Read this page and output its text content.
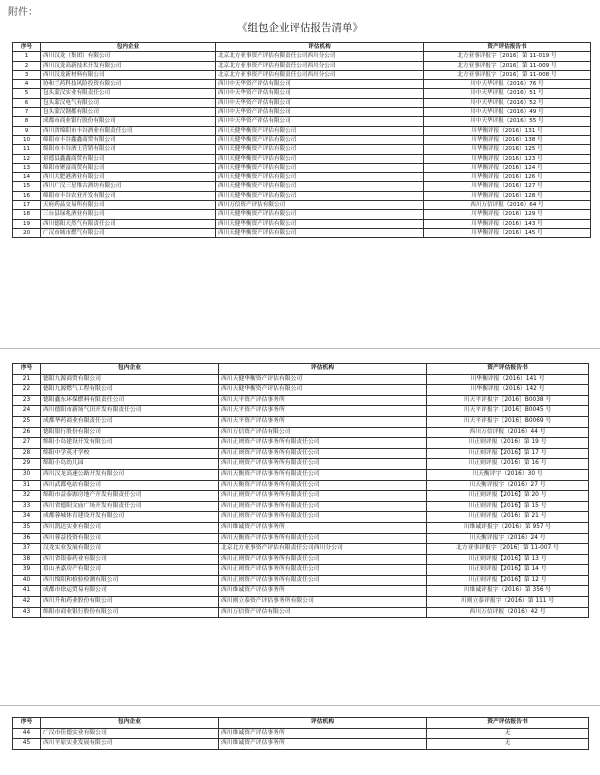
附件：
《组包企业评估报告清单》
序号	包内企业	评估机构	资产评估报告书
1	西川汉龙（集团）有限公司	北京北方亚事资产评估有限责任公司西川分公司	北方亚事评报字［2016］第 11-019 号
2	西川汉龙高新技术开发有限公司	北京北方亚事资产评估有限责任公司西川分公司	北方亚事评报字［2016］第 11-009 号
3	西川汉龙新材料有限公司	北京北方亚事资产评估有限责任公司西川分公司	北方亚事评报字［2016］第 11-008 号
4	协和兰药科技风险投资有限公司	西川中天华资产评估有限公司	川中天华评报（2016）76 号
5	包头蒙汉实业有限责任公司	西川中天华资产评估有限公司	川中天华评报（2016）51 号
6	包头蒙汉电气有限公司	西川中天华资产评估有限公司	川中天华评报（2016）52 号
7	包头蒙汉钢都有限公司	西川中天华资产评估有限公司	川中天华评报（2016）49 号
8	成都市商业银行股份有限公司	西川中天华资产评估有限公司	川中天华评报（2016）55 号
9	西川省绵阳市丰谷酒业有限责任公司	西川天健华衡资产评估有限公司	川华衡评报（2016）131 号
10	绵阳市丰谷鑫鑫商贸有限公司	西川天健华衡资产评估有限公司	川华衡评报（2016）138 号
11	绵阳市丰谷酒王营销有限公司	西川天健华衡资产评估有限公司	川华衡评报（2016）125 号
12	景德县鑫鑫商贸有限公司	西川天健华衡资产评估有限公司	川华衡评报（2016）123 号
13	绵阳市聚富商贸有限公司	西川天健华衡资产评估有限公司	川华衡评报（2016）124 号
14	西川大肥港酒业有限公司	西川天健华衡资产评估有限公司	川华衡评报（2016）126 号
15	西川广汉三星堆古酒坊有限公司	西川天健华衡资产评估有限公司	川华衡评报（2016）127 号
16	绵阳市丰谷农业开发有限公司	西川天健华衡资产评估有限公司	川华衡评报（2016）128 号
17	天府药品交易所有限公司	西川万信资产评估有限公司	西川万信评报（2016）64 号
18	三台县绿兆酒业有限公司	西川天健华衡资产评估有限公司	川华衡评报（2016）129 号
19	西川德阳天然气有限责任公司	西川天健华衡资产评估有限公司	川华衡评报（2016）143 号
20	广汉市城市燃气有限公司	西川天健华衡资产评估有限公司	川华衡评报（2016）145 号
序号	包内企业	评估机构	资产评估报告书
21	德阳九源商贸有限公司	西川天健华衡资产评估有限公司	川华衡评报（2016）141 号
22	德阳九源燃气工程有限公司	西川天健华衡资产评估有限公司	川华衡评报（2016）142 号
23	德阳鑫东环保燃料有限责任公司	西川天平资产评估事务所	川天平评报字［2016］B0038 号
24	西川德阳市新场气田开发有限责任公司	西川天平资产评估事务所	川天平评报字［2016］B0045 号
25	成都华药商业有限责任公司	西川天平资产评估事务所	川天平评报字［2016］B0069 号
26	德阳银行股份有限公司	西川万信资产评估有限公司	西川万信评报（2016）44 号
27	绵阳小岛建设开发有限公司	西川正则资产评估事务所有限责任公司	川正则评报（2016）第 19 号
28	绵阳中学英才学校	西川正则资产评估事务所有限责任公司	川正则评报【2016】第 17 号
29	绵阳小岛幼儿园	西川正则资产评估事务所有限责任公司	川正则评报（2016）第 16 号
30	西川汉龙高速公路开发有限公司	西川天衡资产评估事务所有限责任公司	川天衡评字（2016）30 号
31	西川武都电站有限公司	西川天衡资产评估事务所有限责任公司	川天衡评报字（2016）27 号
32	绵阳市益泰源房地产开发有限责任公司	西川正则资产评估事务所有限责任公司	川正则评报【2016】第 20 号
33	西川省德阳文庙广场开发有限责任公司	西川正则资产评估事务所有限责任公司	川正则评报【2016】第 15 号
34	成都蓉城体育建设开发有限公司	西川正则资产评估事务所有限责任公司	川正则评报（2016）第 21 号
35	西川凯达实业有限公司	西川维诚资产评估事务所	川维诚评报字（2016）第 957 号
36	西川蓉益投资有限公司	西川天衡资产评估事务所有限责任公司	川天衡评报字（2016）24 号
37	汉龙实业发展有限公司	北京北方亚事资产评估有限责任公司西川分公司	北方亚事评报字［2016］第 11-007 号
38	西川省银泰药业有限公司	西川正则资产评估事务所有限责任公司	川正则评报【2016】第 13 号
39	眉山圣嘉房产有限公司	西川正则资产评估事务所有限责任公司	川正则评报【2016】第 14 号
40	西川绵阳和检验检测有限公司	西川正则资产评估事务所有限责任公司	川正则评报【2016】第 12 号
41	成都市徐运贸易有限公司	西川维诚资产评估事务所	川维诚评报字（2016）第 356 号
42	西川升和药业股份有限公司	西川则立泰资产评估事务所有限公司	川则立泰评报字（2016）第 111 号
43	绵阳市商业银行股份有限公司	西川万信资产评估有限公司	西川万信评报（2016）42 号
序号	包内企业	评估机构	资产评估报告书
44	广汉市佳德实业有限公司	西川维诚资产评估事务所	无
45	西川平原实业发展有限公司	西川维诚资产评估事务所	无
